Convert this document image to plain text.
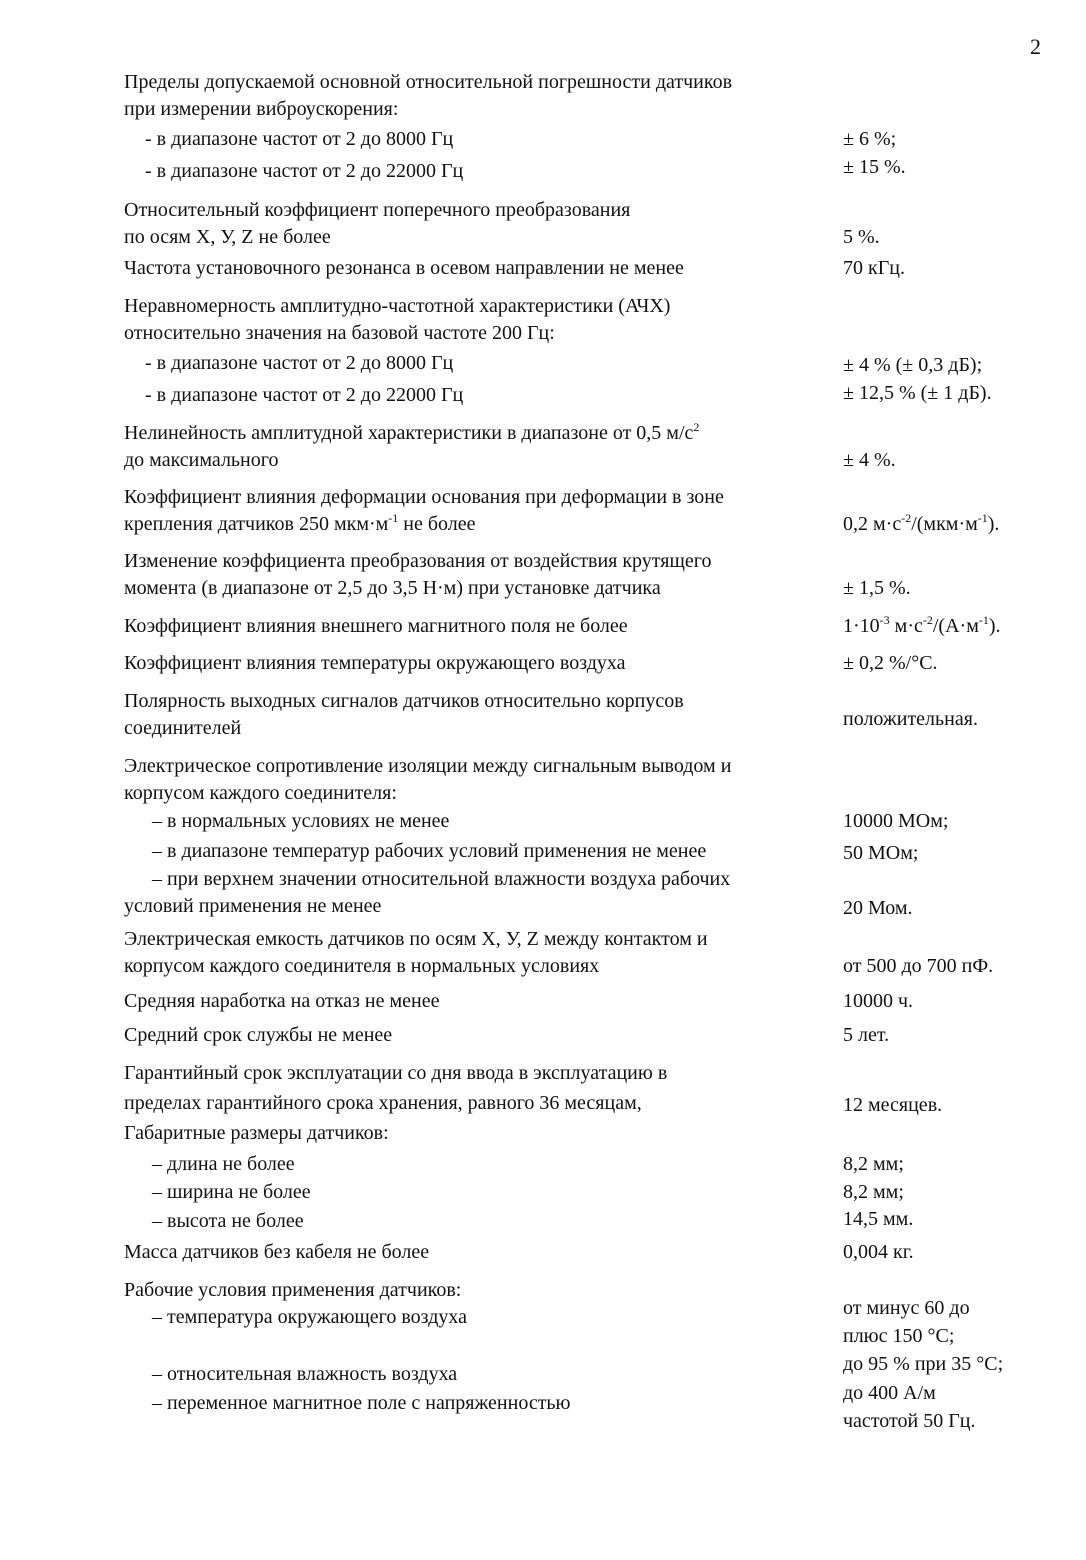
2
Пределы допускаемой основной относительной погрешности датчиков
при измерении виброускорения:
- в диапазоне частот от 2 до 8000 Гц	± 6 %;
- в диапазоне частот от 2 до 22000 Гц	± 15 %.
Относительный коэффициент поперечного преобразования
по осям X, У, Z не более	5 %.
Частота установочного резонанса в осевом направлении не менее	70 кГц.
Неравномерность амплитудно-частотной характеристики (АЧХ)
относительно значения на базовой частоте 200 Гц:
- в диапазоне частот от 2 до 8000 Гц	± 4 % (± 0,3 дБ);
- в диапазоне частот от 2 до 22000 Гц	± 12,5 % (± 1 дБ).
Нелинейность амплитудной характеристики в диапазоне от 0,5 $м/с^2$
до максимального	± 4 %.
Коэффициент влияния деформации основания при деформации в зоне
крепления датчиков 250 $мкм\cdot м^{-1}$ не более	0,2 $м\cdot с^{-2}/(мкм\cdot м^{-1})$.
Изменение коэффициента преобразования от воздействия крутящего
момента (в диапазоне от 2,5 до 3,5 Н·м) при установке датчика	± 1,5 %.
Коэффициент влияния внешнего магнитного поля не более	$1\cdot 10^{-3}$ $м\cdot с^{-2}/(А\cdot м^{-1})$.
Коэффициент влияния температуры окружающего воздуха	± 0,2 %/°C.
Полярность выходных сигналов датчиков относительно корпусов
соединителей	положительная.
Электрическое сопротивление изоляции между сигнальным выводом и
корпусом каждого соединителя:
– в нормальных условиях не менее	10000 МОм;
– в диапазоне температур рабочих условий применения не менее	50 МОм;
– при верхнем значении относительной влажности воздуха рабочих
условий применения не менее	20 Мом.
Электрическая емкость датчиков по осям X, У, Z между контактом и
корпусом каждого соединителя в нормальных условиях	от 500 до 700 пФ.
Средняя наработка на отказ не менее	10000 ч.
Средний срок службы не менее	5 лет.
Гарантийный срок эксплуатации со дня ввода в эксплуатацию в
пределах гарантийного срока хранения, равного 36 месяцам,	12 месяцев.
Габаритные размеры датчиков:
– длина не более	8,2 мм;
– ширина не более	8,2 мм;
– высота не более	14,5 мм.
Масса датчиков без кабеля не более	0,004 кг.
Рабочие условия применения датчиков:
– температура окружающего воздуха	от минус 60 до
плюс 150 °C;
– относительная влажность воздуха	до 95 % при 35 °C;
– переменное магнитное поле с напряженностью	до 400 А/м
частотой 50 Гц.
